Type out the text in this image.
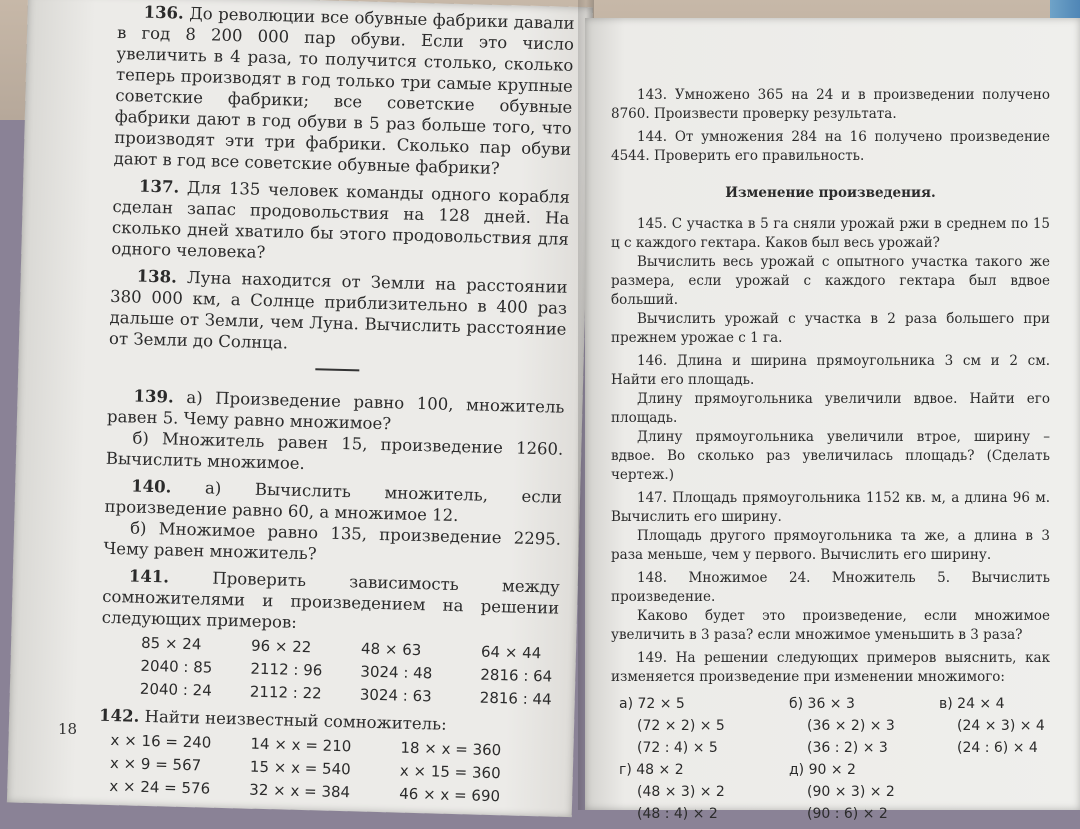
136. До революции все обувные фабрики давали в год 8 200 000 пар обуви. Если это число увеличить в 4 раза, то получится столько, сколько теперь производят в год только три самые крупные советские фабрики; все советские обувные фабрики дают в год обуви в 5 раз больше того, что производят эти три фабрики. Сколько пар обуви дают в год все советские обувные фабрики?

137. Для 135 человек команды одного корабля сделан запас продовольствия на 128 дней. На сколько дней хватило бы этого продовольствия для одного человека?

138. Луна находится от Земли на расстоянии 380 000 км, а Солнце приблизительно в 400 раз дальше от Земли, чем Луна. Вычислить расстояние от Земли до Солнца.

139. а) Произведение равно 100, множитель равен 5. Чему равно множимое?

б) Множитель равен 15, произведение 1260. Вычислить множимое.

140. а) Вычислить множитель, если произведение равно 60, а множимое 12.

б) Множимое равно 135, произведение 2295. Чему равен множитель?

141.	Проверить зависимость между сомножителями и произведением на решении следующих примеров:

85 × 24	96 × 22	48 × 63	64 × 44
2040 : 85	2112 : 96	3024 : 48	2816 : 64
2040 : 24	2112 : 22	3024 : 63	2816 : 44

142. Найти неизвестный сомножитель:

x × 16 = 240	14 × x = 210	18 × x = 360
x × 9 = 567	15 × x = 540	x × 15 = 360
x × 24 = 576	32 × x = 384	46 × x = 690
18

143. Умножено 365 на 24 и в произведении получено 8760. Произвести проверку результата.

144. От умножения 284 на 16 получено произведение 4544. Проверить его правильность.

Изменение произведения.

145. С участка в 5 га сняли урожай ржи в среднем по 15 ц с каждого гектара. Каков был весь урожай?

Вычислить весь урожай с опытного участка такого же размера, если урожай с каждого гектара был вдвое больший.

Вычислить урожай с участка в 2 раза большего при прежнем урожае с 1 га.

146. Длина и ширина прямоугольника 3 см и 2 см. Найти его площадь.

Длину прямоугольника увеличили вдвое. Найти его площадь.

Длину прямоугольника увеличили втрое, ширину – вдвое. Во сколько раз увеличилась площадь? (Сделать чертеж.)

147. Площадь прямоугольника 1152 кв. м, а длина 96 м. Вычислить его ширину.

Площадь другого прямоугольника та же, а длина в 3 раза меньше, чем у первого. Вычислить его ширину.

148. Множимое 24. Множитель 5. Вычислить произведение.

Каково будет это произведение, если множимое увеличить в 3 раза? если множимое уменьшить в 3 раза?

149. На решении следующих примеров выяснить, как изменяется произведение при изменении множимого:

а) 72 × 5	б) 36 × 3	в) 24 × 4
(72 × 2) × 5	(36 × 2) × 3	(24 × 3) × 4
(72 : 4) × 5	(36 : 2) × 3	(24 : 6) × 4
г) 48 × 2	д) 90 × 2
(48 × 3) × 2	(90 × 3) × 2
(48 : 4) × 2	(90 : 6) × 2
